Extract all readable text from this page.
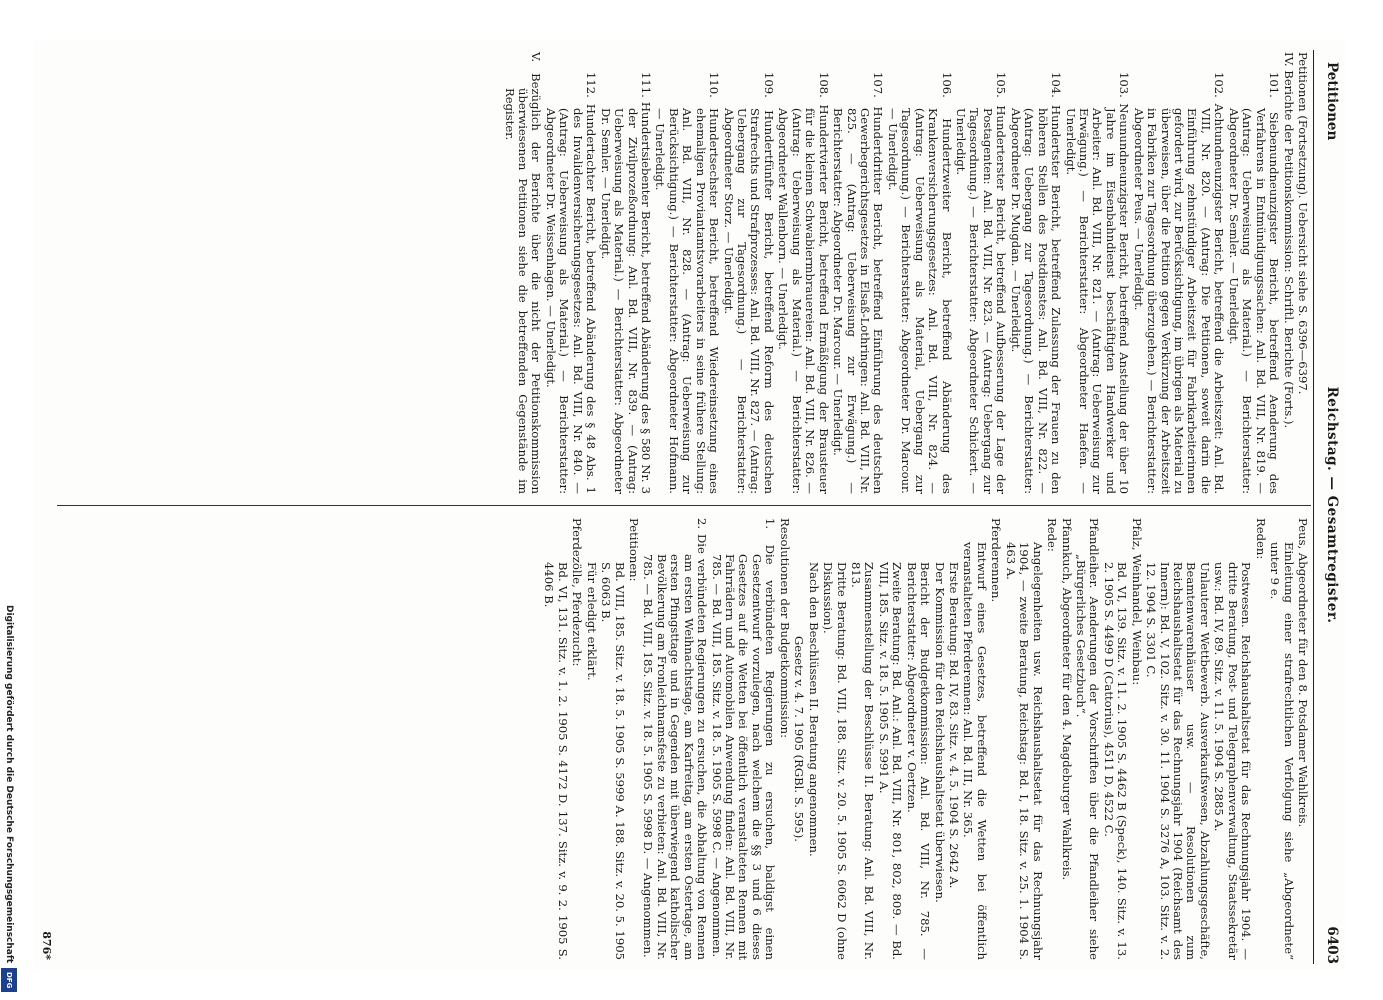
Digitalisierung gefördert durch die Deutsche Forschungsgemeinschaft
DFG
Petitionen
Reichstag. — Gesamtregister.
6403

Petitionen (Fortsetzung). Uebersicht siehe S. 6396—6397.

IV. Berichte der Petitionskommission: Schriftl. Berichte (Forts.).

101. Siebenundneunzigster Bericht, betreffend Aenderung des Verfahrens in Entmündigungssachen: Anl. Bd. VIII, Nr. 819. — (Antrag: Ueberweisung als Material.) — Berichterstatter: Abgeordneter Dr. Semler. — Unerledigt.

102. Achtundneunzigster Bericht, betreffend die Arbeitszeit: Anl. Bd. VIII, Nr. 820. — (Antrag: Die Petitionen, soweit darin die Einführung zehnstündiger Arbeitszeit für Fabrikarbeiterinnen gefordert wird, zur Berücksichtigung, im übrigen als Material zu überweisen, über die Petition gegen Verkürzung der Arbeitszeit in Fabriken zur Tagesordnung überzugehen.) — Berichterstatter: Abgeordneter Peus. — Unerledigt.

103. Neunundneunzigster Bericht, betreffend Anstellung der über 10 Jahre im Eisenbahndienst beschäftigten Handwerker und Arbeiter: Anl. Bd. VIII, Nr. 821. — (Antrag: Ueberweisung zur Erwägung.) — Berichterstatter: Abgeordneter Haefen. — Unerledigt.

104. Hundertster Bericht, betreffend Zulassung der Frauen zu den höheren Stellen des Postdienstes: Anl. Bd. VIII, Nr. 822. — (Antrag: Uebergang zur Tagesordnung.) — Berichterstatter: Abgeordneter Dr. Mugdan. — Unerledigt.

105. Hunderterster Bericht, betreffend Aufbesserung der Lage der Postagenten: Anl. Bd. VIII, Nr. 823. — (Antrag: Uebergang zur Tagesordnung.) — Berichterstatter: Abgeordneter Schickert. — Unerledigt.

106. Hundertzweiter Bericht, betreffend Abänderung des Krankenversicherungsgesetzes: Anl. Bd. VIII, Nr. 824. — (Antrag: Ueberweisung als Material, Uebergang zur Tagesordnung.) — Berichterstatter: Abgeordneter Dr. Marcour. — Unerledigt.

107. Hundertdritter Bericht, betreffend Einführung des deutschen Gewerbegerichtsgesetzes in Elsaß-Lothringen: Anl. Bd. VIII, Nr. 825. — (Antrag: Ueberweisung zur Erwägung.) — Berichterstatter: Abgeordneter Dr. Marcour. — Unerledigt.

108. Hundertvierter Bericht, betreffend Ermäßigung der Brausteuer für die kleinen Schwabiermbrauereien: Anl. Bd. VIII, Nr. 826. — (Antrag: Ueberweisung als Material.) — Berichterstatter: Abgeordneter Wallenborn. — Unerledigt.

109. Hundertfünfter Bericht, betreffend Reform des deutschen Strafrechts und Strafprozesses: Anl. Bd. VIII, Nr. 827. — (Antrag: Uebergang zur Tagesordnung.) — Berichterstatter: Abgeordneter Storz. — Unerledigt.

110. Hundertsechster Bericht, betreffend Wiedereinsetzung eines ehemaligen Proviantamtsvorarbeiters in seine frühere Stellung: Anl. Bd. VIII, Nr. 828. — (Antrag: Ueberweisung zur Berücksichtigung.) — Berichterstatter: Abgeordneter Hofmann. — Unerledigt.

111. Hundertsiebenter Bericht, betreffend Abänderung des § 580 Nr. 3 der Zivilprozeßordnung: Anl. Bd. VIII, Nr. 839. — (Antrag: Ueberweisung als Material.) — Berichterstatter: Abgeordneter Dr. Semler. — Unerledigt.

112. Hundertachter Bericht, betreffend Abänderung des § 48 Abs. 1 des Invalidenversicherungsgesetzes: Anl. Bd. VIII, Nr. 840. — (Antrag: Ueberweisung als Material.) — Berichterstatter: Abgeordneter Dr. Weissenhagen. — Unerledigt.

V. Bezüglich der Berichte über die nicht der Petitionskommission überwiesenen Petitionen siehe die betreffenden Gegenstände im Register.

Peus, Abgeordneter für den 8. Potsdamer Wahlkreis.

Einleitung einer strafrechtlichen Verfolgung siehe „Abgeordnete“ unter 9 e.

Reden:

Postwesen. Reichshaushaltsetat für das Rechnungsjahr 1904. — dritte Beratung, Post- und Telegraphenverwaltung, Staatssekretär usw.: Bd. IV, 89. Sitz. v. 11. 5. 1904 S. 2885 A.

Unlauterer Wettbewerb. Ausverkaufswesen, Abzahlungsgeschäfte, Beamtenwarenhäuser usw. — Resolutionen zum Reichshaushaltsetat für das Rechnungsjahr 1904 (Reichsamt des Innern): Bd. V, 102. Sitz. v. 30. 11. 1904 S. 3276 A, 103. Sitz. v. 2. 12. 1904 S. 3301 C.

Pfalz, Weinhandel, Weinbau:

Bd. VI, 139. Sitz. v. 11. 2. 1905 S. 4462 B (Speck), 140. Sitz. v. 13. 2. 1905 S. 4499 D (Cattorius), 4511 D, 4522 C.

Pfandleiher. Aenderungen der Vorschriften über die Pfandleiher siehe „Bürgerliches Gesetzbuch“.

Pfannkuch, Abgeordneter für den 4. Magdeburger Wahlkreis.

Rede:

Angelegenheiten usw. Reichshaushaltsetat für das Rechnungsjahr 1904, — zweite Beratung, Reichstag: Bd. I, 18. Sitz. v. 25. 1. 1904 S. 463 A.

Pferderennen.

Entwurf eines Gesetzes, betreffend die Wetten bei öffentlich veranstalteten Pferderennen: Anl. Bd. III, Nr. 365.

Erste Beratung: Bd. IV, 83. Sitz. v. 4. 5. 1904 S. 2642 A.

Der Kommission für den Reichshaushaltsetat überwiesen.

Bericht der Budgetkommission: Anl. Bd. VIII, Nr. 785. — Berichterstatter: Abgeordneter v. Oertzen.

Zweite Beratung: Bd. Anl.: Anl. Bd. VIII, Nr. 801, 802, 809. — Bd. VIII, 185. Sitz. v. 18. 5. 1905 S. 5991 A.

Zusammenstellung der Beschlüsse II. Beratung: Anl. Bd. VIII, Nr. 813.

Dritte Beratung: Bd. VIII, 188. Sitz. v. 20. 5. 1905 S. 6062 D (ohne Diskussion).

Nach den Beschlüssen II. Beratung angenommen.

Gesetz v. 4. 7. 1905 (RGBl. S. 595).

Resolutionen der Budgetkommission:

1. Die verbündeten Regierungen zu ersuchen, baldigst einen Gesetzentwurf vorzulegen, nach welchem die §§ 3 und 6 dieses Gesetzes auf die Wetten bei öffentlich veranstalteten Rennen mit Fahrrädern und Automobilen Anwendung finden: Anl. Bd. VIII, Nr. 785. — Bd. VIII, 185. Sitz. v. 18. 5. 1905 S. 5998 C. — Angenommen.

2. Die verbündeten Regierungen zu ersuchen, die Abhaltung von Rennen am ersten Weihnachtstage, am Karfreitag, am ersten Ostertage, am ersten Pfingsttage und in Gegenden mit überwiegend katholischer Bevölkerung am Fronleichnamsfeste zu verbieten: Anl. Bd. VIII, Nr. 785. — Bd. VIII, 185. Sitz. v. 18. 5. 1905 S. 5998 D. — Angenommen.

Petitionen:

Bd. VIII, 185. Sitz. v. 18. 5. 1905 S. 5999 A. 188. Sitz. v. 20. 5. 1905 S. 6063 B.

Für erledigt erklärt.

Pferdezölle, Pferdezucht:

Bd. VI, 131. Sitz. v. 1. 2. 1905 S. 4172 D. 137. Sitz. v. 9. 2. 1905 S. 4406 B.

876*
